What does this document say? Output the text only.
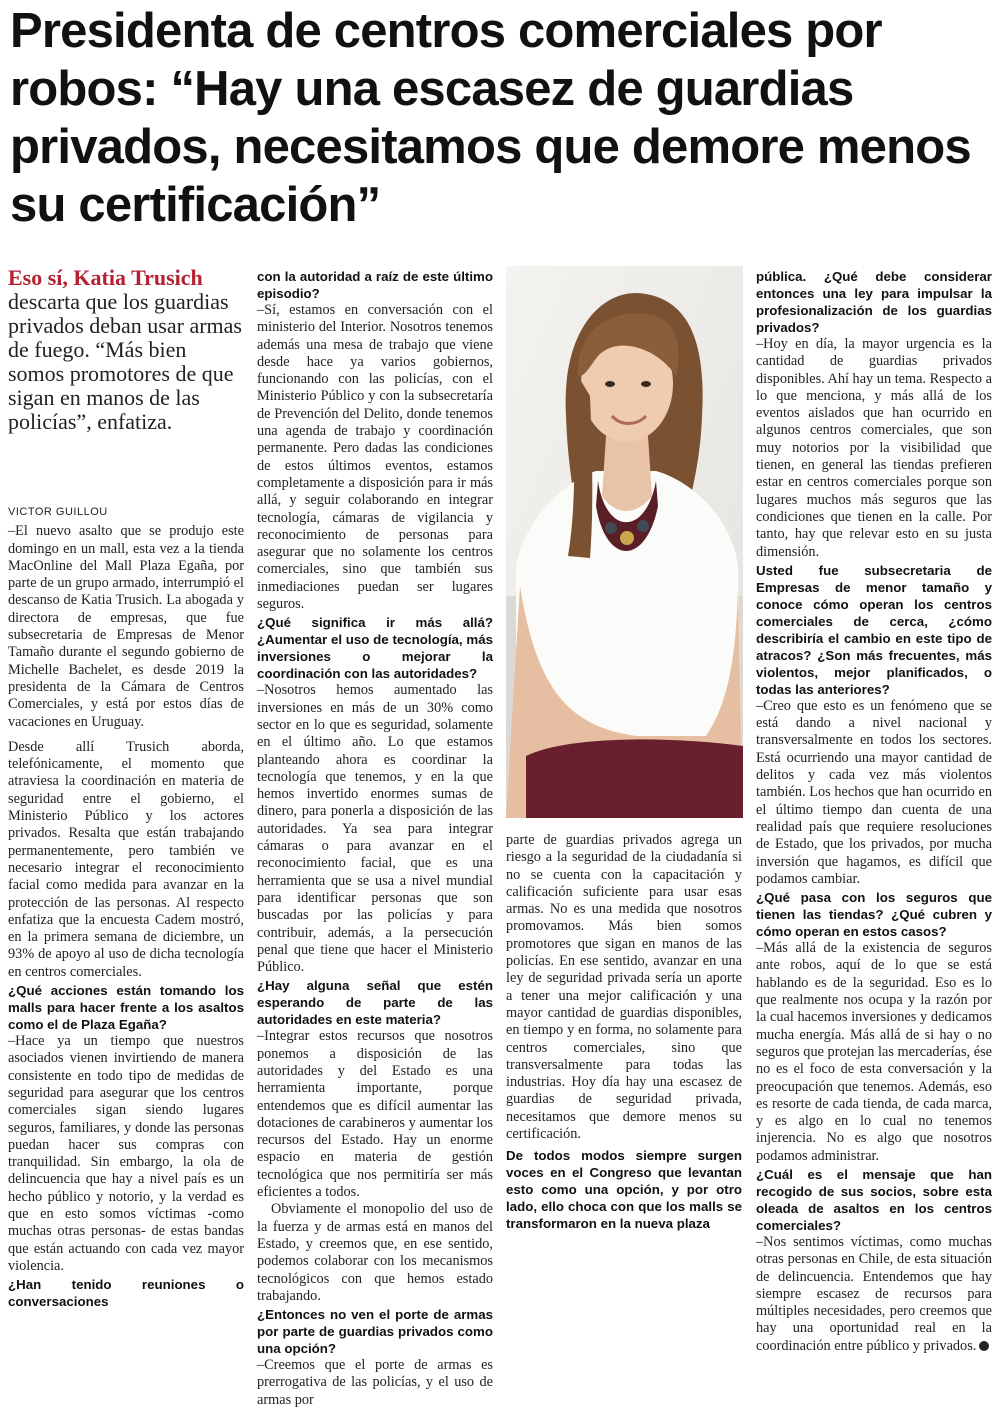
Presidenta de centros comerciales por robos: “Hay una escasez de guardias privados, necesitamos que demore menos su certificación”
Eso sí, Katia Trusich descarta que los guardias privados deban usar armas de fuego. “Más bien somos promotores de que sigan en manos de las policías”, enfatiza.

VICTOR GUILLOU

–El nuevo asalto que se produjo este domingo en un mall, esta vez a la tienda MacOnline del Mall Plaza Egaña, por parte de un grupo armado, interrumpió el descanso de Katia Trusich. La abogada y directora de empresas, que fue subsecretaria de Empresas de Menor Tamaño durante el segundo gobierno de Michelle Bachelet, es desde 2019 la presidenta de la Cámara de Centros Comerciales, y está por estos días de vacaciones en Uruguay.

Desde allí Trusich aborda, telefónicamente, el momento que atraviesa la coordinación en materia de seguridad entre el gobierno, el Ministerio Público y los actores privados. Resalta que están trabajando permanentemente, pero también ve necesario integrar el reconocimiento facial como medida para avanzar en la protección de las personas. Al respecto enfatiza que la encuesta Cadem mostró, en la primera semana de diciembre, un 93% de apoyo al uso de dicha tecnología en centros comerciales.

¿Qué acciones están tomando los malls para hacer frente a los asaltos como el de Plaza Egaña?

–Hace ya un tiempo que nuestros asociados vienen invirtiendo de manera consistente en todo tipo de medidas de seguridad para asegurar que los centros comerciales sigan siendo lugares seguros, familiares, y donde las personas puedan hacer sus compras con tranquilidad. Sin embargo, la ola de delincuencia que hay a nivel país es un hecho público y notorio, y la verdad es que en esto somos víctimas -como muchas otras personas- de estas bandas que están actuando con cada vez mayor violencia.

¿Han tenido reuniones o conversaciones

con la autoridad a raíz de este último episodio?

–Sí, estamos en conversación con el ministerio del Interior. Nosotros tenemos además una mesa de trabajo que viene desde hace ya varios gobiernos, funcionando con las policías, con el Ministerio Público y con la subsecretaría de Prevención del Delito, donde tenemos una agenda de trabajo y coordinación permanente. Pero dadas las condiciones de estos últimos eventos, estamos completamente a disposición para ir más allá, y seguir colaborando en integrar tecnología, cámaras de vigilancia y reconocimiento de personas para asegurar que no solamente los centros comerciales, sino que también sus inmediaciones puedan ser lugares seguros.

¿Qué significa ir más allá? ¿Aumentar el uso de tecnología, más inversiones o mejorar la coordinación con las autoridades?

–Nosotros hemos aumentado las inversiones en más de un 30% como sector en lo que es seguridad, solamente en el último año. Lo que estamos planteando ahora es coordinar la tecnología que tenemos, y en la que hemos invertido enormes sumas de dinero, para ponerla a disposición de las autoridades. Ya sea para integrar cámaras o para avanzar en el reconocimiento facial, que es una herramienta que se usa a nivel mundial para identificar personas que son buscadas por las policías y para contribuir, además, a la persecución penal que tiene que hacer el Ministerio Público.

¿Hay alguna señal que estén esperando de parte de las autoridades en este materia?

–Integrar estos recursos que nosotros ponemos a disposición de las autoridades y del Estado es una herramienta importante, porque entendemos que es difícil aumentar las dotaciones de carabineros y aumentar los recursos del Estado. Hay un enorme espacio en materia de gestión tecnológica que nos permitiría ser más eficientes a todos.

Obviamente el monopolio del uso de la fuerza y de armas está en manos del Estado, y creemos que, en ese sentido, podemos colaborar con los mecanismos tecnológicos con que hemos estado trabajando.

¿Entonces no ven el porte de armas por parte de guardias privados como una opción?

–Creemos que el porte de armas es prerrogativa de las policías, y el uso de armas por

parte de guardias privados agrega un riesgo a la seguridad de la ciudadanía si no se cuenta con la capacitación y calificación suficiente para usar esas armas. No es una medida que nosotros promovamos. Más bien somos promotores que sigan en manos de las policías. En ese sentido, avanzar en una ley de seguridad privada sería un aporte a tener una mejor calificación y una mayor cantidad de guardias disponibles, en tiempo y en forma, no solamente para centros comerciales, sino que transversalmente para todas las industrias. Hoy día hay una escasez de guardias de seguridad privada, necesitamos que demore menos su certificación.

De todos modos siempre surgen voces en el Congreso que levantan esto como una opción, y por otro lado, ello choca con que los malls se transformaron en la nueva plaza

pública. ¿Qué debe considerar entonces una ley para impulsar la profesionalización de los guardias privados?

–Hoy en día, la mayor urgencia es la cantidad de guardias privados disponibles. Ahí hay un tema. Respecto a lo que menciona, y más allá de los eventos aislados que han ocurrido en algunos centros comerciales, que son muy notorios por la visibilidad que tienen, en general las tiendas prefieren estar en centros comerciales porque son lugares muchos más seguros que las condiciones que tienen en la calle. Por tanto, hay que relevar esto en su justa dimensión.

Usted fue subsecretaria de Empresas de menor tamaño y conoce cómo operan los centros comerciales de cerca, ¿cómo describiría el cambio en este tipo de atracos? ¿Son más frecuentes, más violentos, mejor planificados, o todas las anteriores?

–Creo que esto es un fenómeno que se está dando a nivel nacional y transversalmente en todos los sectores. Está ocurriendo una mayor cantidad de delitos y cada vez más violentos también. Los hechos que han ocurrido en el último tiempo dan cuenta de una realidad país que requiere resoluciones de Estado, que los privados, por mucha inversión que hagamos, es difícil que podamos cambiar.

¿Qué pasa con los seguros que tienen las tiendas? ¿Qué cubren y cómo operan en estos casos?

–Más allá de la existencia de seguros ante robos, aquí de lo que se está hablando es de la seguridad. Eso es lo que realmente nos ocupa y la razón por la cual hacemos inversiones y dedicamos mucha energía. Más allá de si hay o no seguros que protejan las mercaderías, ése no es el foco de esta conversación y la preocupación que tenemos. Además, eso es resorte de cada tienda, de cada marca, y es algo en lo cual no tenemos injerencia. No es algo que nosotros podamos administrar.

¿Cuál es el mensaje que han recogido de sus socios, sobre esta oleada de asaltos en los centros comerciales?

–Nos sentimos víctimas, como muchas otras personas en Chile, de esta situación de delincuencia. Entendemos que hay siempre escasez de recursos para múltiples necesidades, pero creemos que hay una oportunidad real en la coordinación entre público y privados.
